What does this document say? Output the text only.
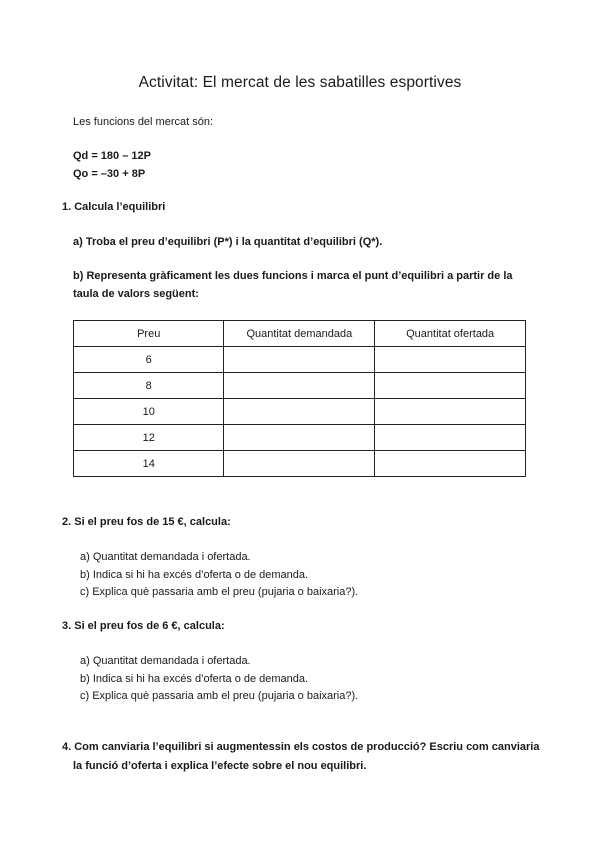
Activitat: El mercat de les sabatilles esportives
Les funcions del mercat són:
Qd = 180 – 12P
Qo = –30 + 8P
1. Calcula l’equilibri
a) Troba el preu d’equilibri (P*) i la quantitat d’equilibri (Q*).
b) Representa gràficament les dues funcions i marca el punt d’equilibri a partir de la
taula de valors següent:
Preu	Quantitat demandada	Quantitat ofertada
6		
8		
10		
12		
14		
2. Si el preu fos de 15 €, calcula:
a) Quantitat demandada i ofertada.
b) Indica si hi ha excés d’oferta o de demanda.
c) Explica què passaria amb el preu (pujaria o baixaria?).
3. Si el preu fos de 6 €, calcula:
a) Quantitat demandada i ofertada.
b) Indica si hi ha excés d’oferta o de demanda.
c) Explica què passaria amb el preu (pujaria o baixaria?).
4. Com canviaria l’equilibri si augmentessin els costos de producció? Escriu com canviaria
la funció d’oferta i explica l’efecte sobre el nou equilibri.
